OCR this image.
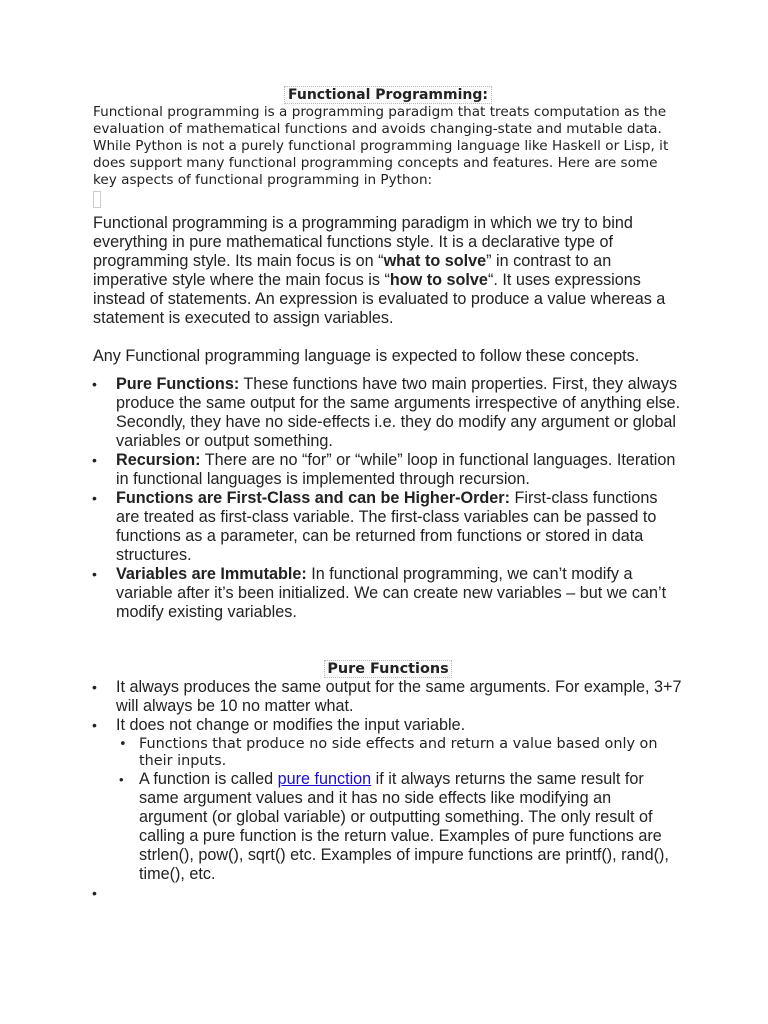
Functional Programming:

Functional programming is a programming paradigm that treats computation as the evaluation of mathematical functions and avoids changing-state and mutable data. While Python is not a purely functional programming language like Haskell or Lisp, it does support many functional programming concepts and features. Here are some key aspects of functional programming in Python:

Functional programming is a programming paradigm in which we try to bind everything in pure mathematical functions style. It is a declarative type of programming style. Its main focus is on “what to solve” in contrast to an imperative style where the main focus is “how to solve“. It uses expressions instead of statements. An expression is evaluated to produce a value whereas a statement is executed to assign variables.

Any Functional programming language is expected to follow these concepts.

• Pure Functions: These functions have two main properties. First, they always produce the same output for the same arguments irrespective of anything else. Secondly, they have no side-effects i.e. they do modify any argument or global variables or output something.
• Recursion: There are no “for” or “while” loop in functional languages. Iteration in functional languages is implemented through recursion.
• Functions are First-Class and can be Higher-Order: First-class functions are treated as first-class variable. The first-class variables can be passed to functions as a parameter, can be returned from functions or stored in data structures.
• Variables are Immutable: In functional programming, we can’t modify a variable after it’s been initialized. We can create new variables – but we can’t modify existing variables.
Pure Functions
• It always produces the same output for the same arguments. For example, 3+7 will always be 10 no matter what.
• It does not change or modifies the input variable.
• Functions that produce no side effects and return a value based only on their inputs.
• A function is called pure function if it always returns the same result for same argument values and it has no side effects like modifying an argument (or global variable) or outputting something. The only result of calling a pure function is the return value. Examples of pure functions are strlen(), pow(), sqrt() etc. Examples of impure functions are printf(), rand(), time(), etc.
•
